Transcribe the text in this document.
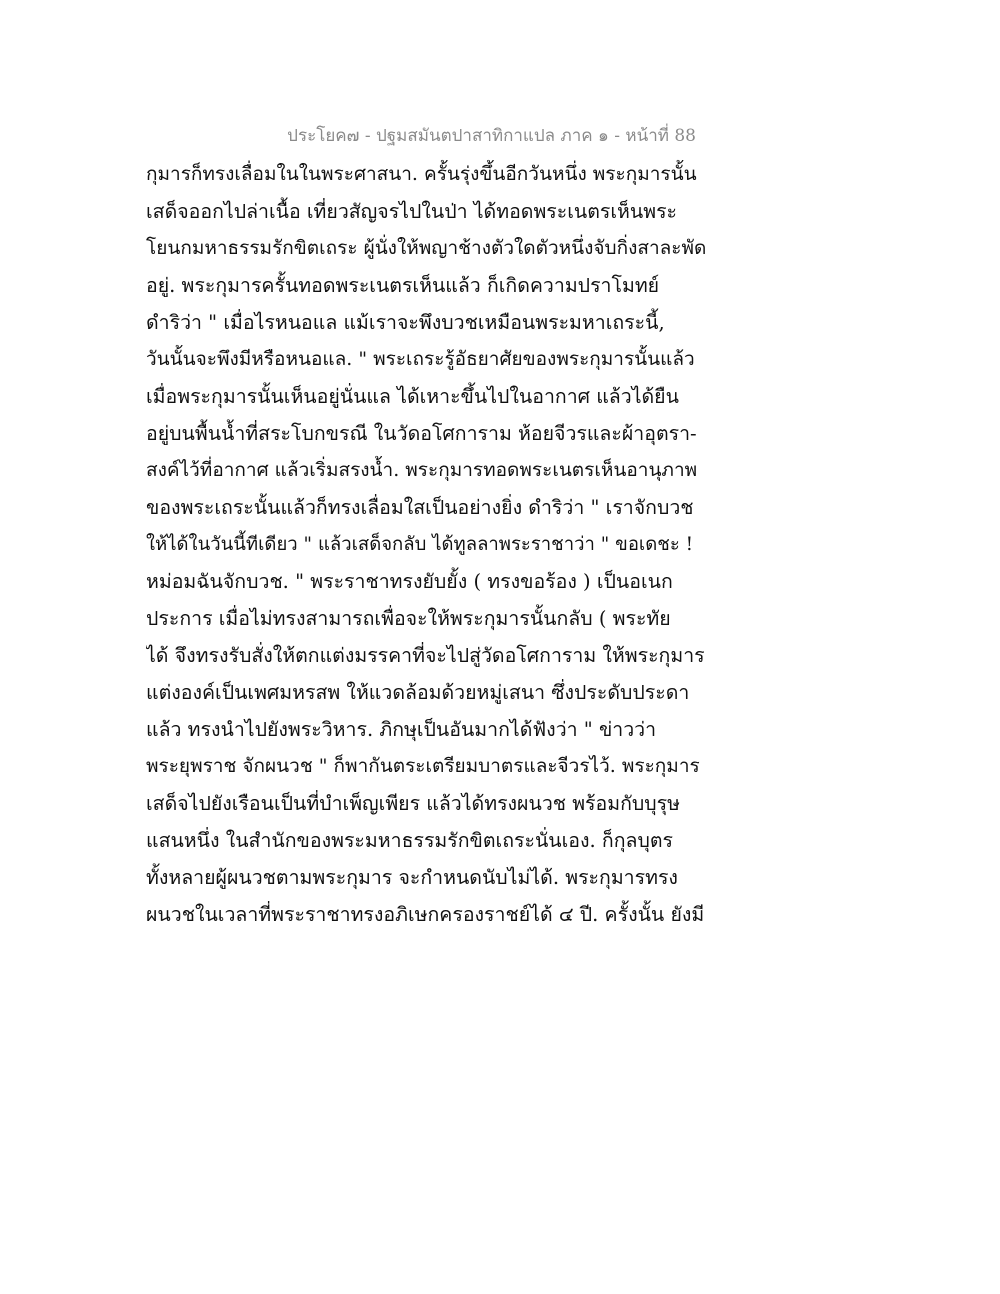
ประโยค๗ - ปฐมสมันตปาสาทิกาแปล ภาค ๑ - หน้าที่ 88
กุมารก็ทรงเลื่อมในในพระศาสนา. ครั้นรุ่งขึ้นอีกวันหนึ่ง พระกุมารนั้น
เสด็จออกไปล่าเนื้อ เที่ยวสัญจรไปในป่า ได้ทอดพระเนตรเห็นพระ
โยนกมหาธรรมรักขิตเถระ ผู้นั่งให้พญาช้างตัวใดตัวหนึ่งจับกิ่งสาละพัด
อยู่. พระกุมารครั้นทอดพระเนตรเห็นแล้ว ก็เกิดความปราโมทย์
ดำริว่า " เมื่อไรหนอแล แม้เราจะพึงบวชเหมือนพระมหาเถระนี้,
วันนั้นจะพึงมีหรือหนอแล. " พระเถระรู้อัธยาศัยของพระกุมารนั้นแล้ว
เมื่อพระกุมารนั้นเห็นอยู่นั่นแล ได้เหาะขึ้นไปในอากาศ แล้วได้ยืน
อยู่บนพื้นน้ำที่สระโบกขรณี ในวัดอโศการาม ห้อยจีวรและผ้าอุตรา-
สงค์ไว้ที่อากาศ แล้วเริ่มสรงน้ำ. พระกุมารทอดพระเนตรเห็นอานุภาพ
ของพระเถระนั้นแล้วก็ทรงเลื่อมใสเป็นอย่างยิ่ง ดำริว่า " เราจักบวช
ให้ได้ในวันนี้ทีเดียว " แล้วเสด็จกลับ ได้ทูลลาพระราชาว่า " ขอเดชะ !
หม่อมฉันจักบวช. " พระราชาทรงยับยั้ง ( ทรงขอร้อง ) เป็นอเนก
ประการ เมื่อไม่ทรงสามารถเพื่อจะให้พระกุมารนั้นกลับ ( พระทัย
ได้ จึงทรงรับสั่งให้ตกแต่งมรรคาที่จะไปสู่วัดอโศการาม ให้พระกุมาร
แต่งองค์เป็นเพศมหรสพ ให้แวดล้อมด้วยหมู่เสนา ซึ่งประดับประดา
แล้ว ทรงนำไปยังพระวิหาร. ภิกษุเป็นอันมากได้ฟังว่า " ข่าวว่า
พระยุพราช จักผนวช " ก็พากันตระเตรียมบาตรและจีวรไว้. พระกุมาร
เสด็จไปยังเรือนเป็นที่บำเพ็ญเพียร แล้วได้ทรงผนวช พร้อมกับบุรุษ
แสนหนึ่ง ในสำนักของพระมหาธรรมรักขิตเถระนั่นเอง. ก็กุลบุตร
ทั้งหลายผู้ผนวชตามพระกุมาร จะกำหนดนับไม่ได้. พระกุมารทรง
ผนวชในเวลาที่พระราชาทรงอภิเษกครองราชย์ได้ ๔ ปี. ครั้งนั้น ยังมี
